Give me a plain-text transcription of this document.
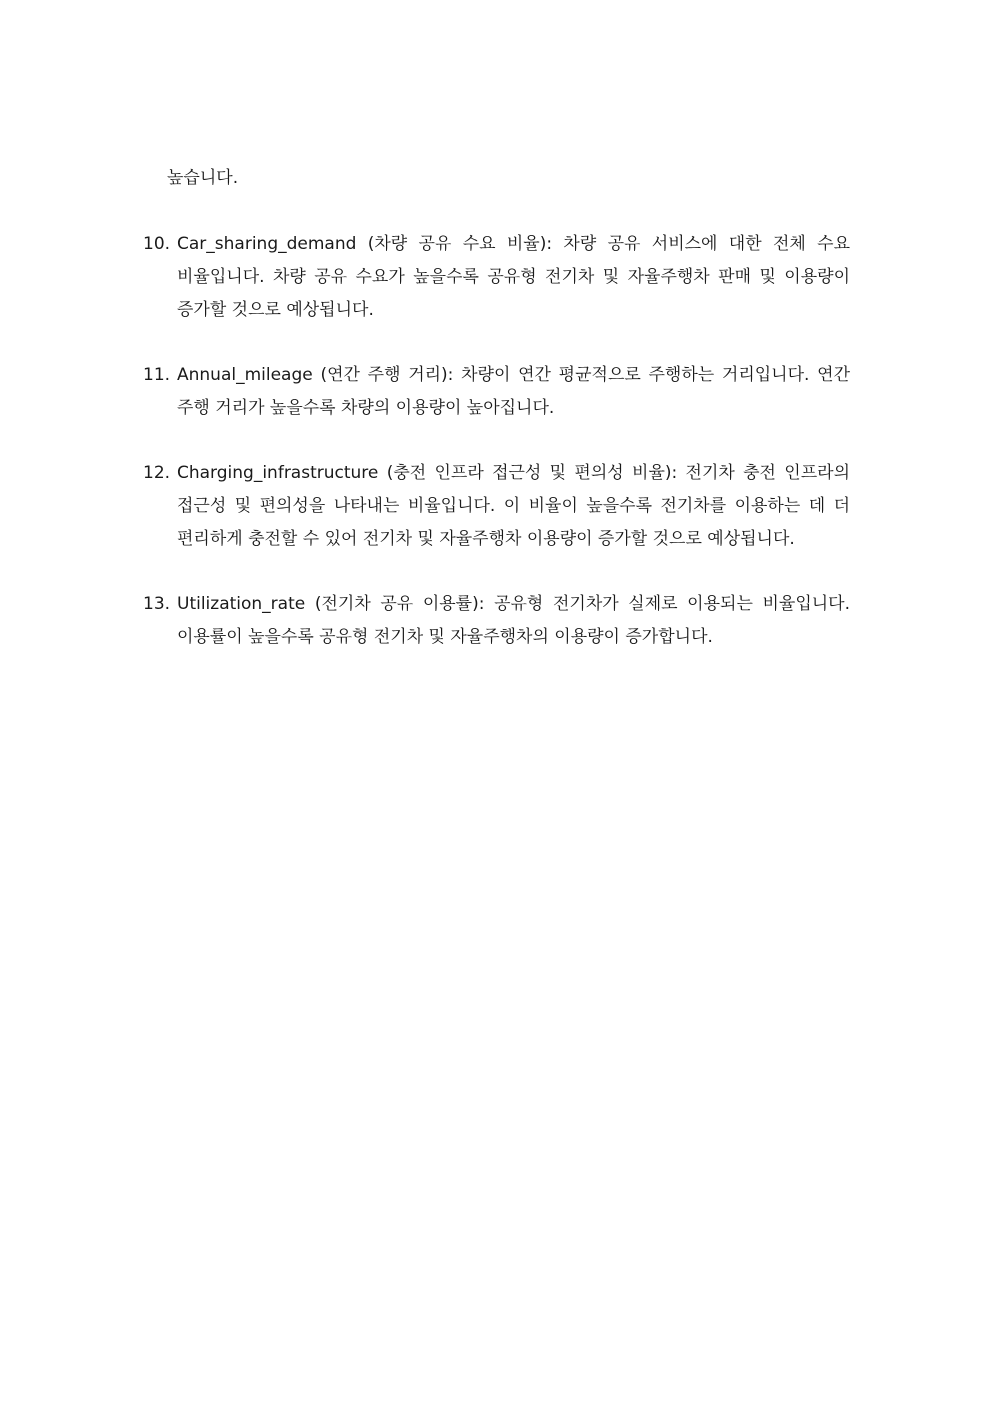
높습니다.

10. Car_sharing_demand (차량 공유 수요 비율): 차량 공유 서비스에 대한 전체 수요 비율입니다. 차량 공유 수요가 높을수록 공유형 전기차 및 자율주행차 판매 및 이용량이 증가할 것으로 예상됩니다.

11. Annual_mileage (연간 주행 거리): 차량이 연간 평균적으로 주행하는 거리입니다. 연간 주행 거리가 높을수록 차량의 이용량이 높아집니다.

12. Charging_infrastructure (충전 인프라 접근성 및 편의성 비율): 전기차 충전 인프라의 접근성 및 편의성을 나타내는 비율입니다. 이 비율이 높을수록 전기차를 이용하는 데 더 편리하게 충전할 수 있어 전기차 및 자율주행차 이용량이 증가할 것으로 예상됩니다.

13. Utilization_rate (전기차 공유 이용률): 공유형 전기차가 실제로 이용되는 비율입니다. 이용률이 높을수록 공유형 전기차 및 자율주행차의 이용량이 증가합니다.
